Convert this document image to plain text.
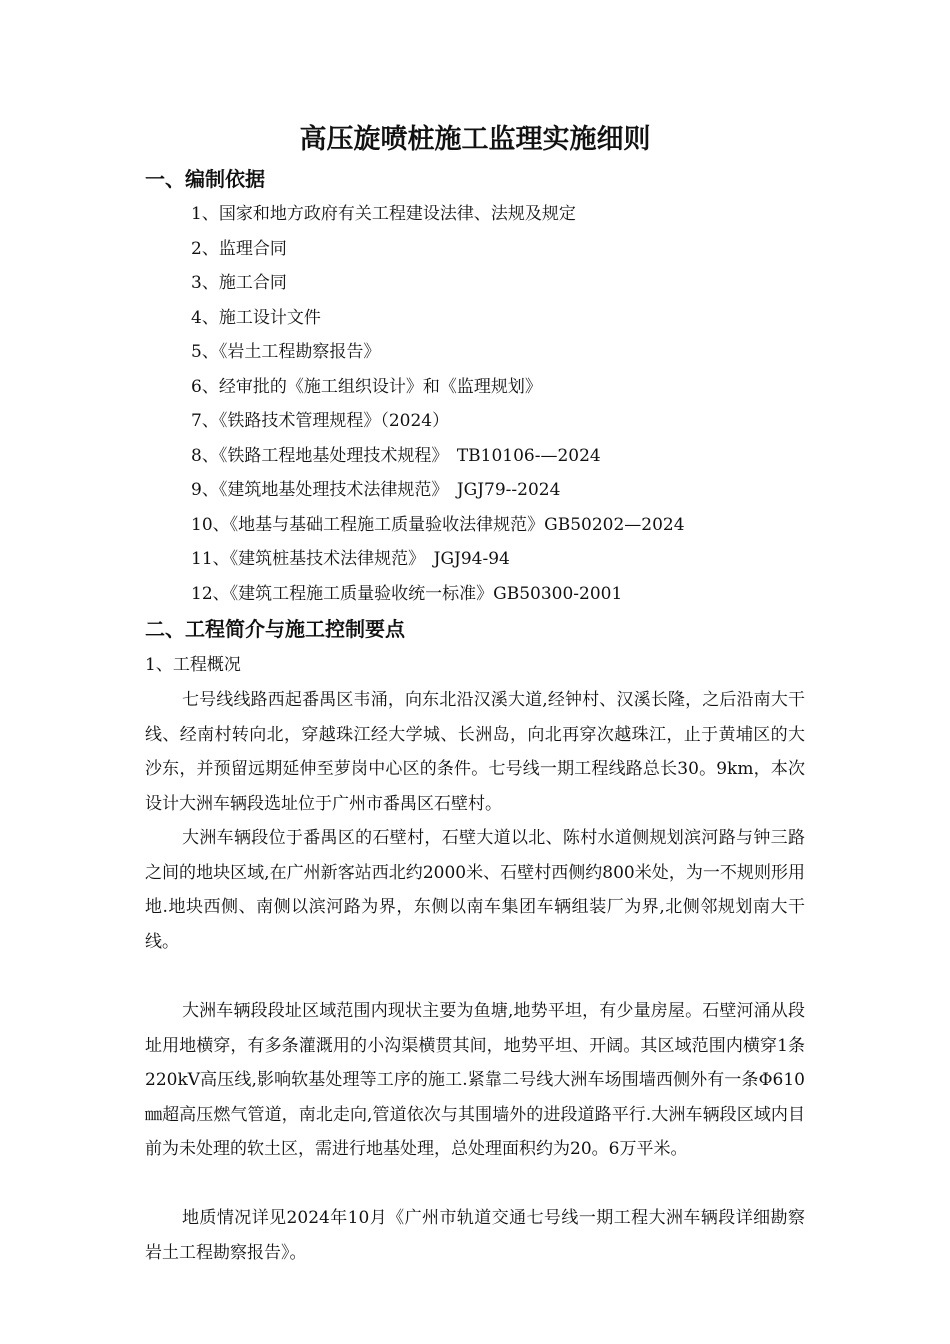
高压旋喷桩施工监理实施细则
一、编制依据
1、国家和地方政府有关工程建设法律、法规及规定
2、监理合同
3、施工合同
4、施工设计文件
5、《岩土工程勘察报告》
6、经审批的《施工组织设计》和《监理规划》
7、《铁路技术管理规程》（2024）
8、《铁路工程地基处理技术规程》　TB10106-—2024
9、《建筑地基处理技术法律规范》　JGJ79--2024
10、《地基与基础工程施工质量验收法律规范》GB50202—2024
11、《建筑桩基技术法律规范》　JGJ94-94
12、《建筑工程施工质量验收统一标准》GB50300-2001
二、工程简介与施工控制要点
1、工程概况

七号线线路西起番禺区韦涌，向东北沿汉溪大道,经钟村、汉溪长隆，之后沿南大干线、经南村转向北，穿越珠江经大学城、长洲岛，向北再穿次越珠江，止于黄埔区的大沙东，并预留远期延伸至萝岗中心区的条件。七号线一期工程线路总长30。9km，本次设计大洲车辆段选址位于广州市番禺区石壁村。

大洲车辆段位于番禺区的石壁村，石壁大道以北、陈村水道侧规划滨河路与钟三路之间的地块区域,在广州新客站西北约2000米、石壁村西侧约800米处，为一不规则形用地.地块西侧、南侧以滨河路为界，东侧以南车集团车辆组装厂为界,北侧邻规划南大干线。

大洲车辆段段址区域范围内现状主要为鱼塘,地势平坦，有少量房屋。石壁河涌从段址用地横穿，有多条灌溉用的小沟渠横贯其间，地势平坦、开阔。其区域范围内横穿1条220kV高压线,影响软基处理等工序的施工.紧靠二号线大洲车场围墙西侧外有一条Φ610㎜超高压燃气管道，南北走向,管道依次与其围墙外的进段道路平行.大洲车辆段区域内目前为未处理的软土区，需进行地基处理，总处理面积约为20。6万平米。

地质情况详见2024年10月《广州市轨道交通七号线一期工程大洲车辆段详细勘察岩土工程勘察报告》。
